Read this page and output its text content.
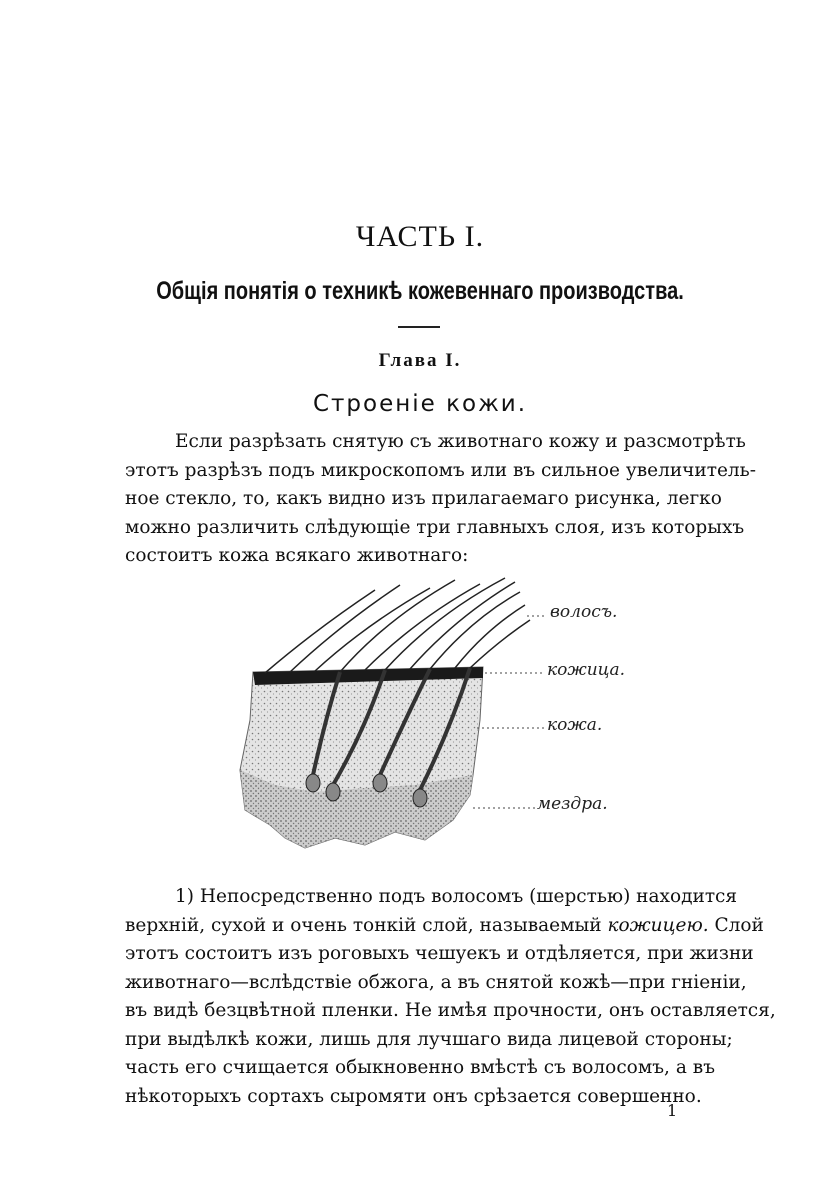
ЧАСТЬ I.
Общія понятія о техникѣ кожевеннаго производства.
Глава I.
Строеніе кожи.
Если разрѣзать снятую съ животнаго кожу и разсмотрѣть
этотъ разрѣзъ подъ микроскопомъ или въ сильное увеличитель-
ное стекло, то, какъ видно изъ прилагаемаго рисунка, легко
можно различить слѣдующіе три главныхъ слоя, изъ которыхъ
состоитъ кожа всякаго животнаго:
волосъ.
кожица.
кожа.
мездра.
1) Непосредственно подъ волосомъ (шерстью) находится
верхній, сухой и очень тонкій слой, называемый кожицею. Слой
этотъ состоитъ изъ роговыхъ чешуекъ и отдѣляется, при жизни
животнаго—вслѣдствіе обжога, а въ снятой кожѣ—при гніеніи,
въ видѣ безцвѣтной пленки. Не имѣя прочности, онъ оставляется,
при выдѣлкѣ кожи, лишь для лучшаго вида лицевой стороны;
часть его счищается обыкновенно вмѣстѣ съ волосомъ, а въ
нѣкоторыхъ сортахъ сыромяти онъ срѣзается совершенно.
1
